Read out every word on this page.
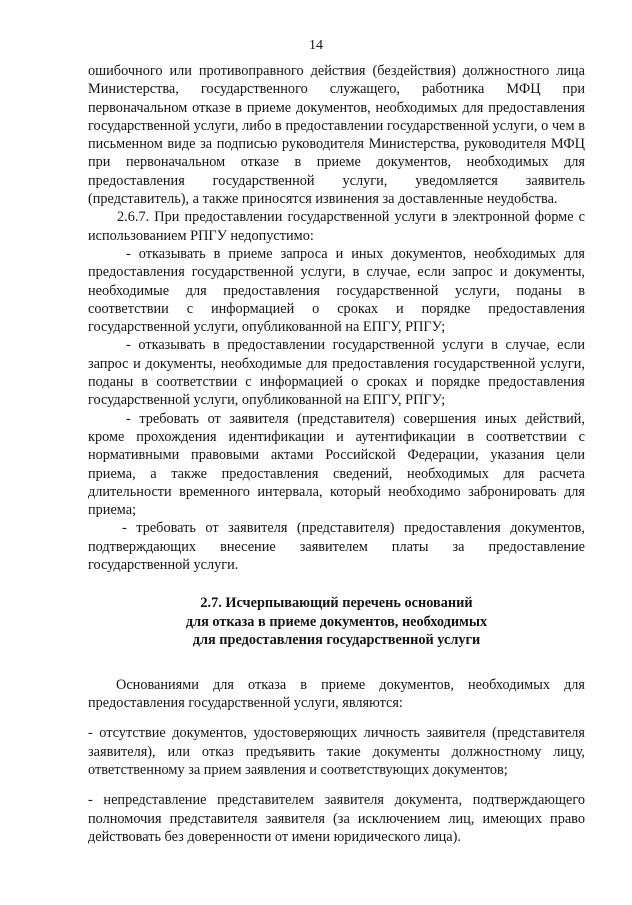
14

ошибочного или противоправного действия (бездействия) должностного лица Министерства, государственного служащего, работника МФЦ при первоначальном отказе в приеме документов, необходимых для предоставления государственной услуги, либо в предоставлении государственной услуги, о чем в письменном виде за подписью руководителя Министерства, руководителя МФЦ при первоначальном отказе в приеме документов, необходимых для предоставления государственной услуги, уведомляется заявитель (представитель), а также приносятся извинения за доставленные неудобства.

2.6.7. При предоставлении государственной услуги в электронной форме с использованием РПГУ недопустимо:

- отказывать в приеме запроса и иных документов, необходимых для предоставления государственной услуги, в случае, если запрос и документы, необходимые для предоставления государственной услуги, поданы в соответствии с информацией о сроках и порядке предоставления государственной услуги, опубликованной на ЕПГУ, РПГУ;

- отказывать в предоставлении государственной услуги в случае, если запрос и документы, необходимые для предоставления государственной услуги, поданы в соответствии с информацией о сроках и порядке предоставления государственной услуги, опубликованной на ЕПГУ, РПГУ;

- требовать от заявителя (представителя) совершения иных действий, кроме прохождения идентификации и аутентификации в соответствии с нормативными правовыми актами Российской Федерации, указания цели приема, а также предоставления сведений, необходимых для расчета длительности временного интервала, который необходимо забронировать для приема;

- требовать от заявителя (представителя) предоставления документов, подтверждающих внесение заявителем платы за предоставление государственной услуги.

2.7. Исчерпывающий перечень оснований
для отказа в приеме документов, необходимых
для предоставления государственной услуги

Основаниями для отказа в приеме документов, необходимых для предоставления государственной услуги, являются:

- отсутствие документов, удостоверяющих личность заявителя (представителя заявителя), или отказ предъявить такие документы должностному лицу, ответственному за прием заявления и соответствующих документов;

- непредставление представителем заявителя документа, подтверждающего полномочия представителя заявителя (за исключением лиц, имеющих право действовать без доверенности от имени юридического лица).
